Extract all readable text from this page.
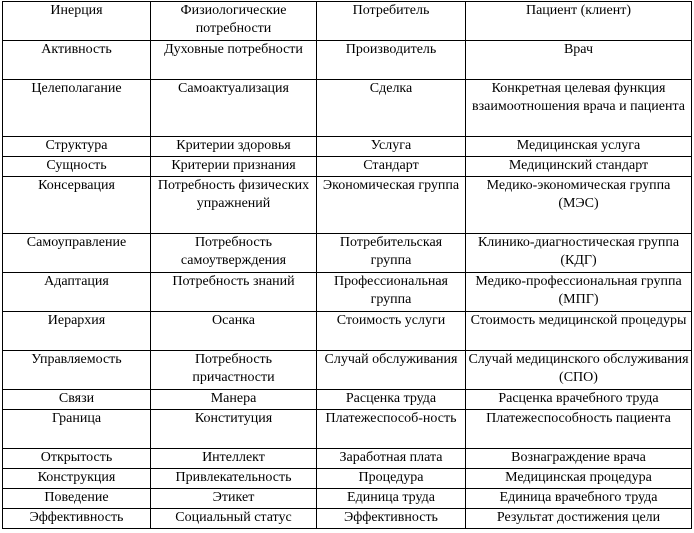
Инерция	Физиологические потребности	Потребитель	Пациент (клиент)
Активность	Духовные потребности	Производитель	Врач
Целеполагание	Самоактуализация	Сделка	Конкретная целевая функция взаимоотношения врача и пациента
Структура	Критерии здоровья	Услуга	Медицинская услуга
Сущность	Критерии признания	Стандарт	Медицинский стандарт
Консервация	Потребность физических упражнений	Экономическая группа	Медико-экономическая группа (МЭС)
Самоуправление	Потребность самоутверждения	Потребительская группа	Клинико-диагностическая группа (КДГ)
Адаптация	Потребность знаний	Профессиональная группа	Медико-профессиональная группа (МПГ)
Иерархия	Осанка	Стоимость услуги	Стоимость медицинской процедуры
Управляемость	Потребность причастности	Случай обслуживания	Случай медицинского обслуживания (СПО)
Связи	Манера	Расценка труда	Расценка врачебного труда
Граница	Конституция	Платежеспособ-ность	Платежеспособность пациента
Открытость	Интеллект	Заработная плата	Вознаграждение врача
Конструкция	Привлекательность	Процедура	Медицинская процедура
Поведение	Этикет	Единица труда	Единица врачебного труда
Эффективность	Социальный статус	Эффективность	Результат достижения цели
